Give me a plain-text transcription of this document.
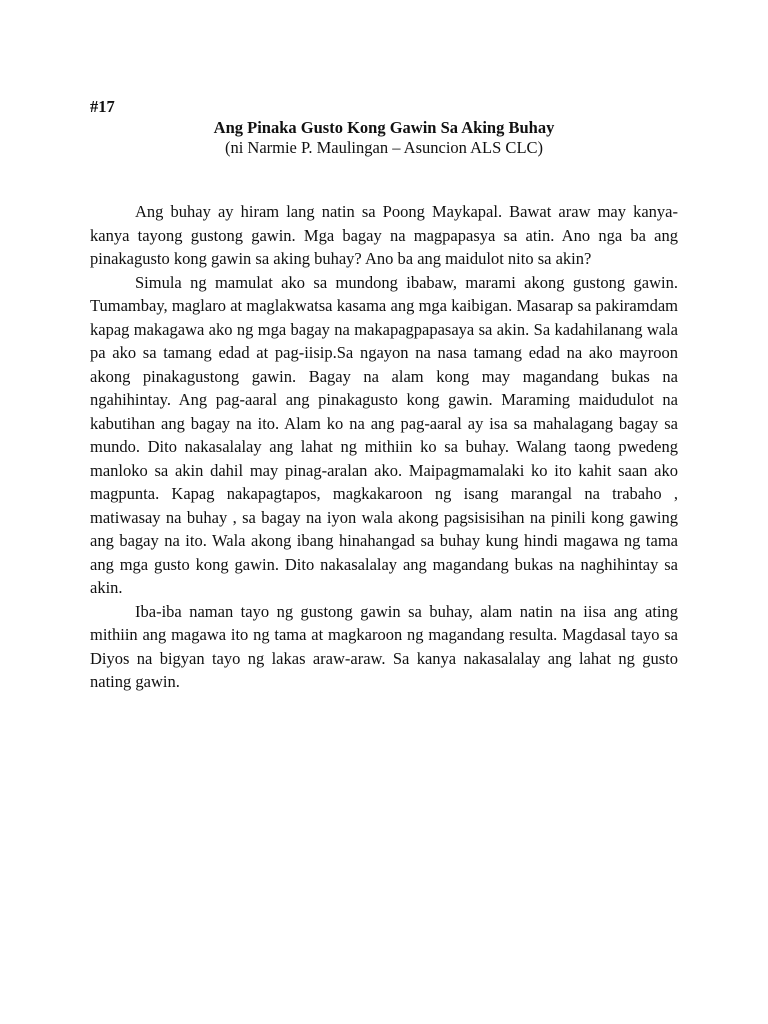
#17
Ang Pinaka Gusto Kong Gawin Sa Aking Buhay
(ni Narmie P. Maulingan – Asuncion ALS CLC)

Ang buhay ay hiram lang natin sa Poong Maykapal. Bawat araw may kanya-kanya tayong gustong gawin. Mga bagay na magpapasya sa atin. Ano nga ba ang pinakagusto kong gawin sa aking buhay? Ano ba ang maidulot nito sa akin?

Simula ng mamulat ako sa mundong ibabaw, marami akong gustong gawin. Tumambay, maglaro at maglakwatsa kasama ang mga kaibigan. Masarap sa pakiramdam kapag makagawa ako ng mga bagay na makapagpapasaya sa akin. Sa kadahilanang wala pa ako sa tamang edad at pag-iisip.Sa ngayon na nasa tamang edad na ako mayroon akong pinakagustong gawin. Bagay na alam kong may magandang bukas na ngahihintay. Ang pag-aaral ang pinakagusto kong gawin. Maraming maidudulot na kabutihan ang bagay na ito. Alam ko na ang pag-aaral ay isa sa mahalagang bagay sa mundo. Dito nakasalalay ang lahat ng mithiin ko sa buhay. Walang taong pwedeng manloko sa akin dahil may pinag-aralan ako. Maipagmamalaki ko ito kahit saan ako magpunta. Kapag nakapagtapos, magkakaroon ng isang marangal na trabaho , matiwasay na buhay , sa bagay na iyon wala akong pagsisisihan na pinili kong gawing ang bagay na ito. Wala akong ibang hinahangad sa buhay kung hindi magawa ng tama ang mga gusto kong gawin. Dito nakasalalay ang magandang bukas na naghihintay sa akin.

Iba-iba naman tayo ng gustong gawin sa buhay, alam natin na iisa ang ating mithiin ang magawa ito ng tama at magkaroon ng magandang resulta. Magdasal tayo sa Diyos na bigyan tayo ng lakas araw-araw. Sa kanya nakasalalay ang lahat ng gusto nating gawin.
